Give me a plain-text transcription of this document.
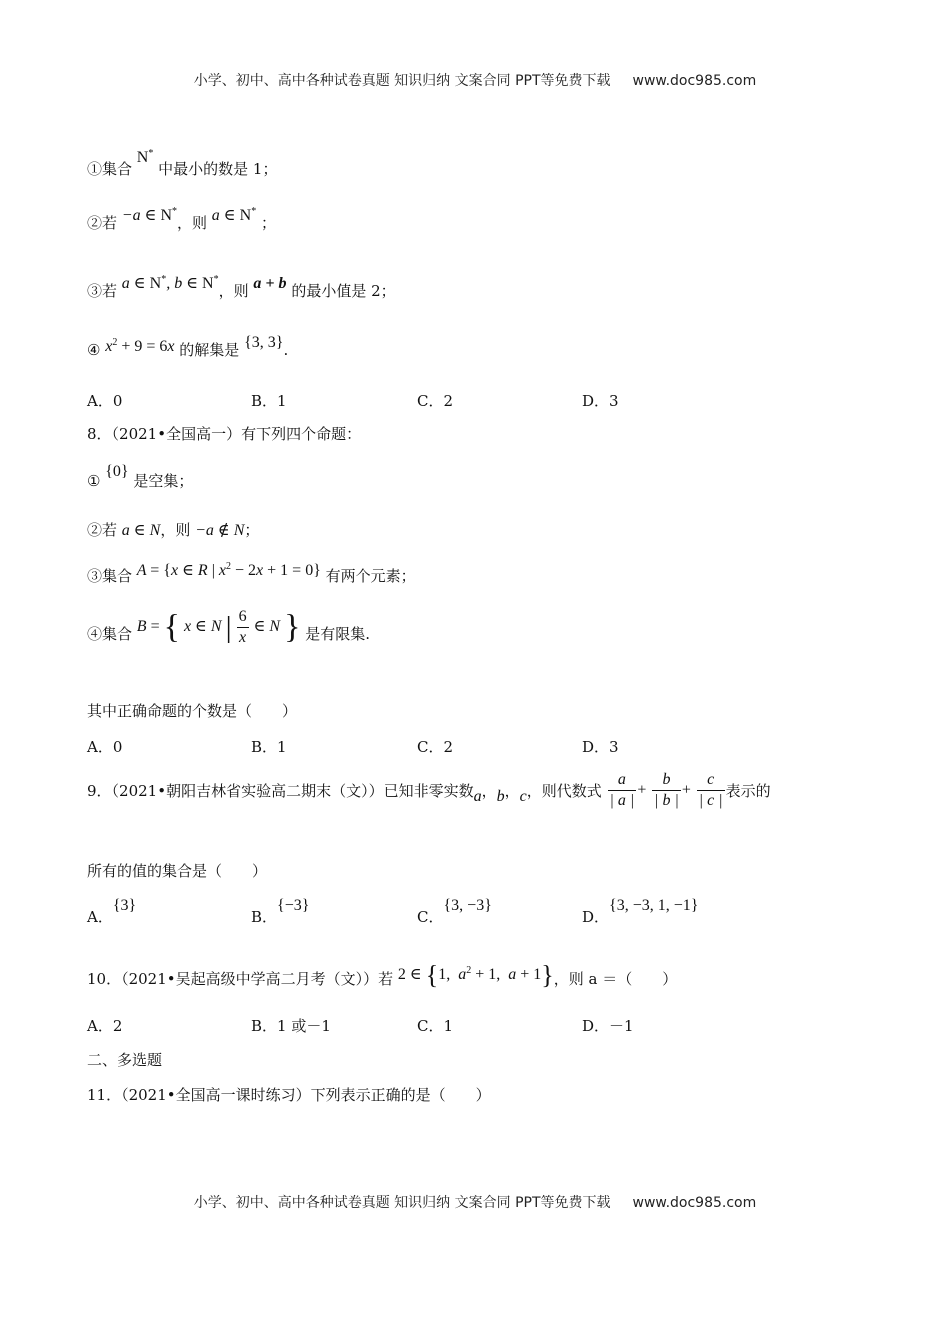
小学、初中、高中各种试卷真题 知识归纳 文案合同 PPT等免费下载 www.doc985.com
①集合 N* 中最小的数是 1；
②若 −a ∈ N*，则 a ∈ N* ；
③若 a ∈ N*, b ∈ N*，则 a + b 的最小值是 2；
④ $x^2 + 9 = 6x$ 的解集是 {3, 3}.
A．0	B．1	C．2	D．3
8．（2021•全国高一）有下列四个命题：
① {0} 是空集；
②若 a ∈ N，则 −a ∉ N；
③集合 A = {x ∈ R | $x^2 - 2x + 1 = 0$} 有两个元素；
④集合 B = { x ∈ N | $\frac{6}{x}$ ∈ N } 是有限集.
其中正确命题的个数是（　　）
A．0	B．1	C．2	D．3
9．（2021•朝阳吉林省实验高二期末（文））已知非零实数a，b，c，则代数式 $\frac{a}{| a |} + \frac{b}{| b |} + \frac{c}{| c |}$ 表示的
所有的值的集合是（　　）
A．{3}
B．{−3}
C．{3, −3}
D．{3, −3, 1, −1}
10．（2021•吴起高级中学高二月考（文））若 2 ∈ {1,  $a^2 + 1$,  a + 1}，则 a ＝（　　）
A．2	B．1 或－1	C．1	D．－1
二、多选题
11．（2021•全国高一课时练习）下列表示正确的是（　　）
小学、初中、高中各种试卷真题 知识归纳 文案合同 PPT等免费下载 www.doc985.com
